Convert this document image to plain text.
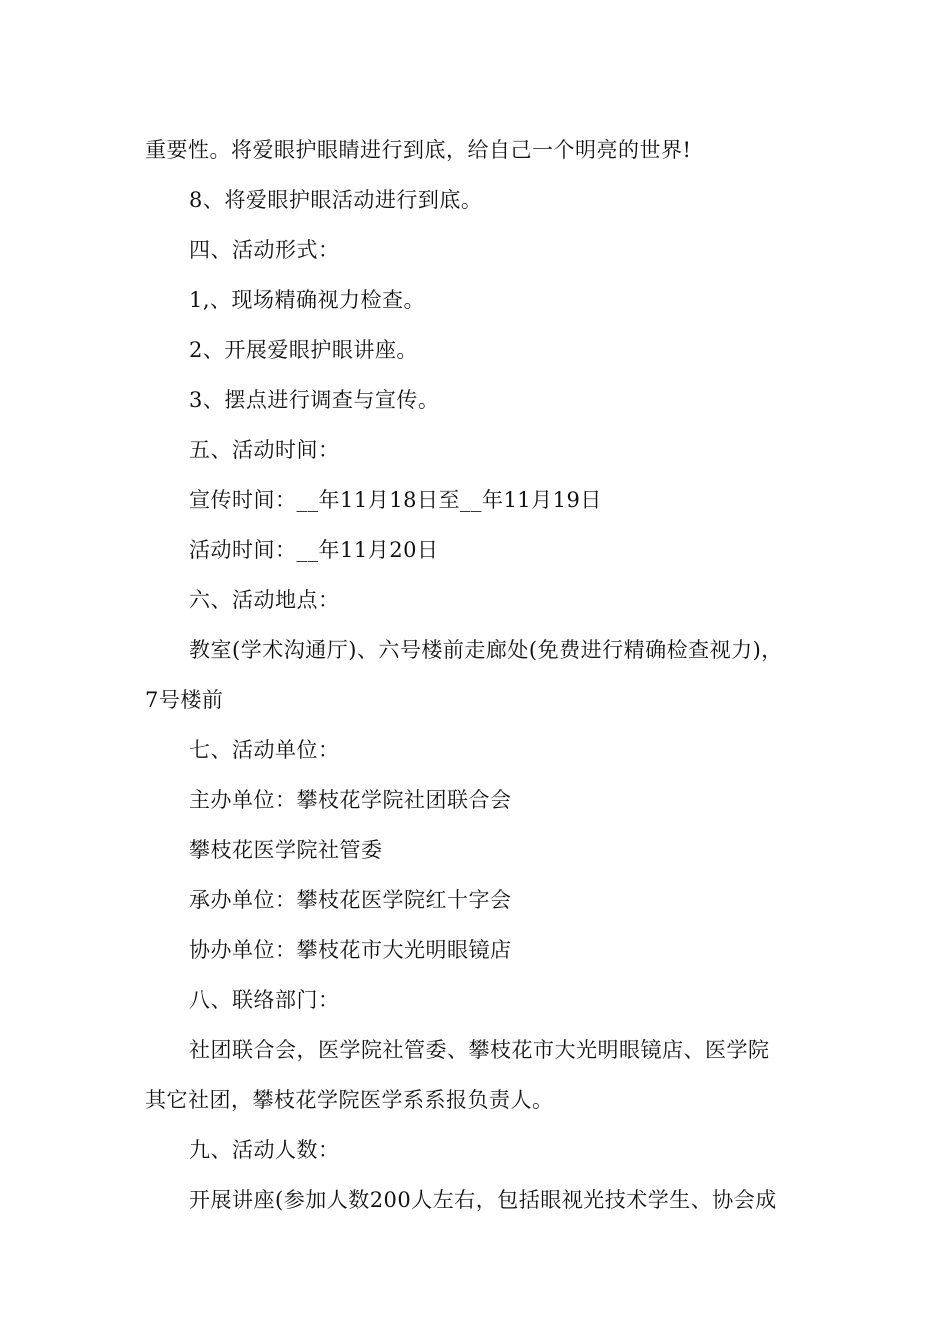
重要性。将爱眼护眼睛进行到底，给自己一个明亮的世界!
8、将爱眼护眼活动进行到底。
四、活动形式：
1,、现场精确视力检查。
2、开展爱眼护眼讲座。
3、摆点进行调查与宣传。
五、活动时间：
宣传时间：__年11月18日至__年11月19日
活动时间：__年11月20日
六、活动地点：
教室(学术沟通厅)、六号楼前走廊处(免费进行精确检查视力)，
7号楼前
七、活动单位：
主办单位：攀枝花学院社团联合会
攀枝花医学院社管委
承办单位：攀枝花医学院红十字会
协办单位：攀枝花市大光明眼镜店
八、联络部门：
社团联合会，医学院社管委、攀枝花市大光明眼镜店、医学院
其它社团，攀枝花学院医学系系报负责人。
九、活动人数：
开展讲座(参加人数200人左右，包括眼视光技术学生、协会成
